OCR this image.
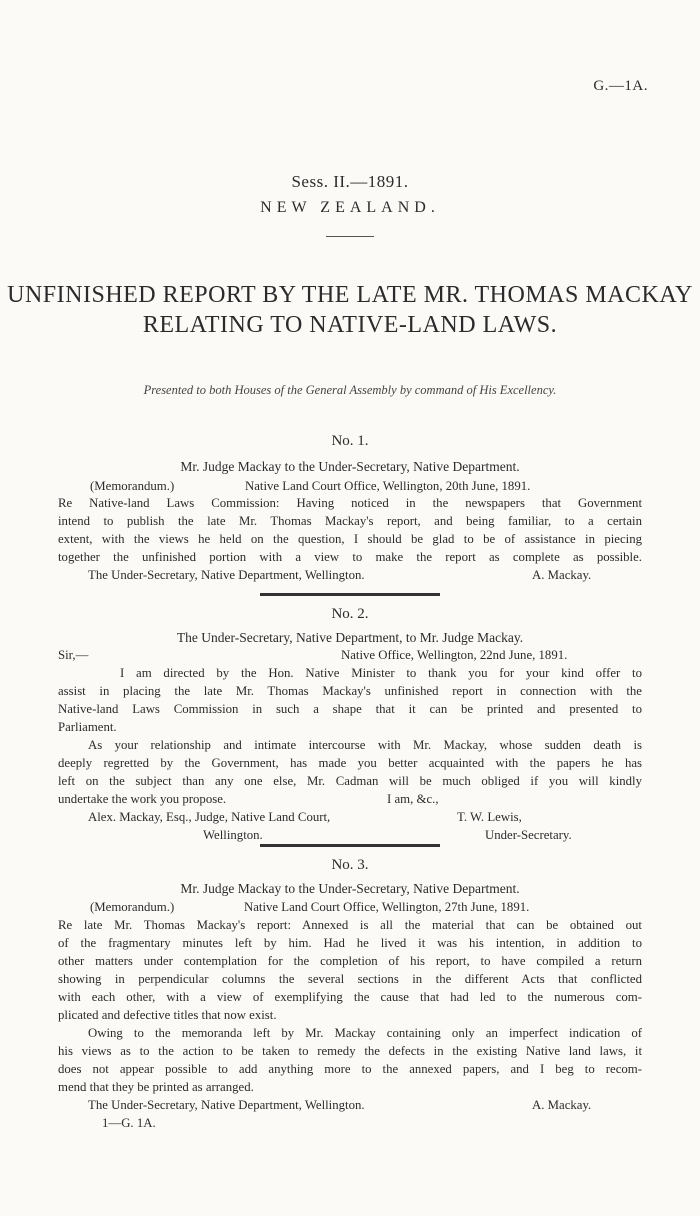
G.—1A.
Sess. II.—1891.
NEW ZEALAND.
UNFINISHED REPORT BY THE LATE MR. THOMAS MACKAY
RELATING TO NATIVE-LAND LAWS.
Presented to both Houses of the General Assembly by command of His Excellency.
No. 1.
Mr. Judge Mackay to the Under-Secretary, Native Department.
(Memorandum.)	Native Land Court Office, Wellington, 20th June, 1891.
Re Native-land Laws Commission: Having noticed in the newspapers that Government
intend to publish the late Mr. Thomas Mackay's report, and being familiar, to a certain
extent, with the views he held on the question, I should be glad to be of assistance in piecing
together the unfinished portion with a view to make the report as complete as possible.
The Under-Secretary, Native Department, Wellington.	A. Mackay.
No. 2.
The Under-Secretary, Native Department, to Mr. Judge Mackay.
Sir,—	Native Office, Wellington, 22nd June, 1891.
I am directed by the Hon. Native Minister to thank you for your kind offer to
assist in placing the late Mr. Thomas Mackay's unfinished report in connection with the
Native-land Laws Commission in such a shape that it can be printed and presented to
Parliament.
As your relationship and intimate intercourse with Mr. Mackay, whose sudden death is
deeply regretted by the Government, has made you better acquainted with the papers he has
left on the subject than any one else, Mr. Cadman will be much obliged if you will kindly
undertake the work you propose.	I am, &c.,
Alex. Mackay, Esq., Judge, Native Land Court,	T. W. Lewis,
Wellington.	Under-Secretary.
No. 3.
Mr. Judge Mackay to the Under-Secretary, Native Department.
(Memorandum.)	Native Land Court Office, Wellington, 27th June, 1891.
Re late Mr. Thomas Mackay's report: Annexed is all the material that can be obtained out
of the fragmentary minutes left by him. Had he lived it was his intention, in addition to
other matters under contemplation for the completion of his report, to have compiled a return
showing in perpendicular columns the several sections in the different Acts that conflicted
with each other, with a view of exemplifying the cause that had led to the numerous com-
plicated and defective titles that now exist.
Owing to the memoranda left by Mr. Mackay containing only an imperfect indication of
his views as to the action to be taken to remedy the defects in the existing Native land laws, it
does not appear possible to add anything more to the annexed papers, and I beg to recom-
mend that they be printed as arranged.
The Under-Secretary, Native Department, Wellington.	A. Mackay.
1—G. 1A.
